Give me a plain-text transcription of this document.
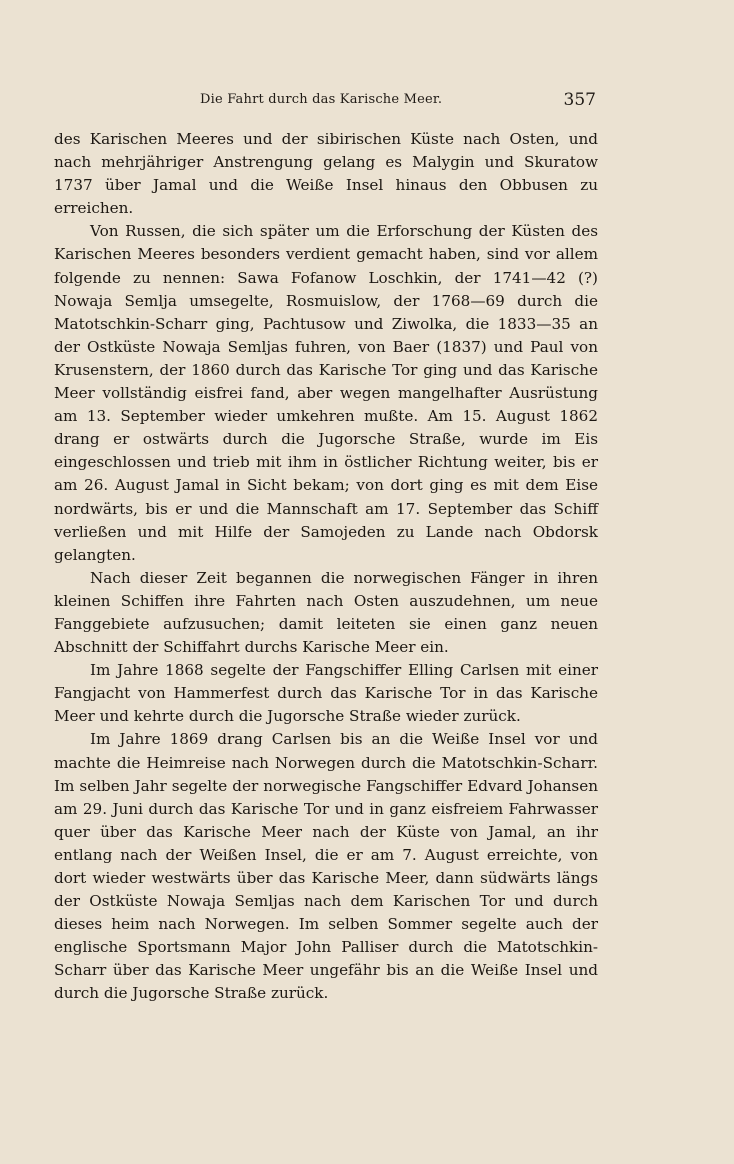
Die Fahrt durch das Karische Meer.	357

des Karischen Meeres und der sibirischen Küste nach Osten, und nach mehrjähriger Anstrengung gelang es Malygin und Skuratow 1737 über Jamal und die Weiße Insel hinaus den Obbusen zu erreichen.

Von Russen, die sich später um die Erforschung der Küsten des Karischen Meeres besonders verdient gemacht haben, sind vor allem folgende zu nennen: Sawa Fofanow Loschkin, der 1741—42 (?) Nowaja Semlja umsegelte, Rosmuislow, der 1768—69 durch die Matotschkin-Scharr ging, Pachtusow und Ziwolka, die 1833—35 an der Ostküste Nowaja Semljas fuhren, von Baer (1837) und Paul von Krusenstern, der 1860 durch das Karische Tor ging und das Karische Meer vollständig eisfrei fand, aber wegen mangelhafter Ausrüstung am 13. September wieder umkehren mußte. Am 15. August 1862 drang er ostwärts durch die Jugorsche Straße, wurde im Eis eingeschlossen und trieb mit ihm in östlicher Richtung weiter, bis er am 26. August Jamal in Sicht bekam; von dort ging es mit dem Eise nordwärts, bis er und die Mannschaft am 17. September das Schiff verließen und mit Hilfe der Samojeden zu Lande nach Obdorsk gelangten.

Nach dieser Zeit begannen die norwegischen Fänger in ihren kleinen Schiffen ihre Fahrten nach Osten auszudehnen, um neue Fanggebiete aufzusuchen; damit leiteten sie einen ganz neuen Abschnitt der Schiffahrt durchs Karische Meer ein.

Im Jahre 1868 segelte der Fangschiffer Elling Carlsen mit einer Fangjacht von Hammerfest durch das Karische Tor in das Karische Meer und kehrte durch die Jugorsche Straße wieder zurück.

Im Jahre 1869 drang Carlsen bis an die Weiße Insel vor und machte die Heimreise nach Norwegen durch die Matotschkin-Scharr. Im selben Jahr segelte der norwegische Fangschiffer Edvard Johansen am 29. Juni durch das Karische Tor und in ganz eisfreiem Fahrwasser quer über das Karische Meer nach der Küste von Jamal, an ihr entlang nach der Weißen Insel, die er am 7. August erreichte, von dort wieder westwärts über das Karische Meer, dann südwärts längs der Ostküste Nowaja Semljas nach dem Karischen Tor und durch dieses heim nach Norwegen. Im selben Sommer segelte auch der englische Sportsmann Major John Palliser durch die Matotschkin-Scharr über das Karische Meer ungefähr bis an die Weiße Insel und durch die Jugorsche Straße zurück.
